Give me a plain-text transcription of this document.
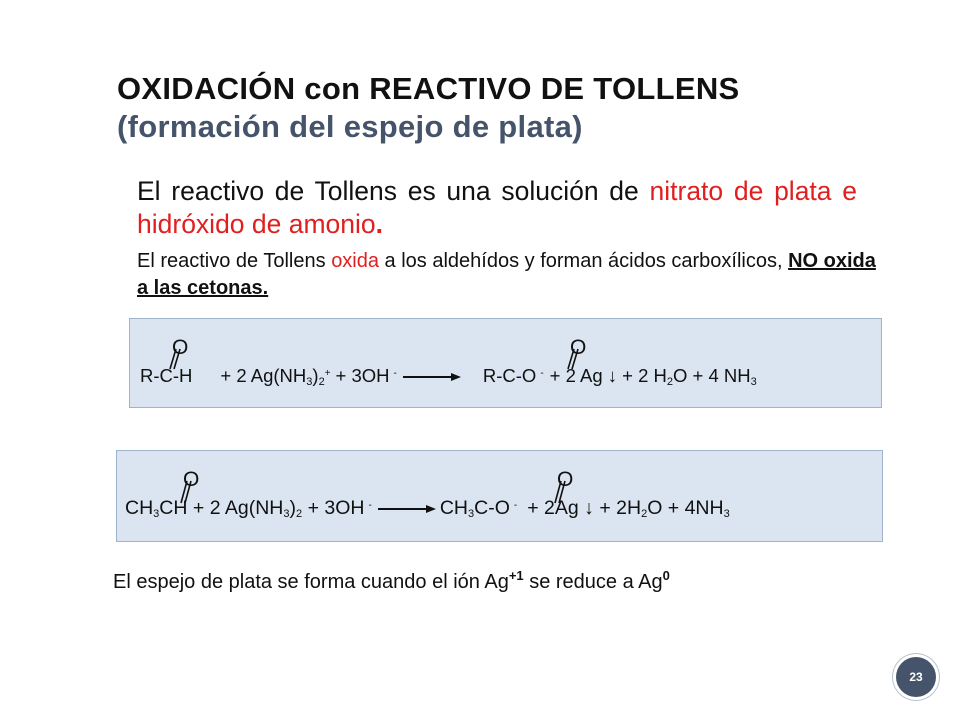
OXIDACIÓN con REACTIVO DE TOLLENS
(formación del espejo de plata)
El reactivo de Tollens es una solución de nitrato de plata e hidróxido de amonio.
El reactivo de Tollens oxida a los aldehídos y forman ácidos carboxílicos, NO oxida a las cetonas.
O	O
R-C-H + 2 $Ag(NH_3)_2^+ + 3OH$ - → R-C-O - + 2 Ag ↓ + 2 $H_2O + 4$ $NH_3$
O	O
$CH_3CH + 2$ $Ag(NH_3)_2 + 3OH$ $^- \to CH_3C-O$ - + 2Ag ↓ + $2H_2O + 4NH_3$
El espejo de plata se forma cuando el ión $Ag^{+1}$ se reduce a Ag$^0$
23
